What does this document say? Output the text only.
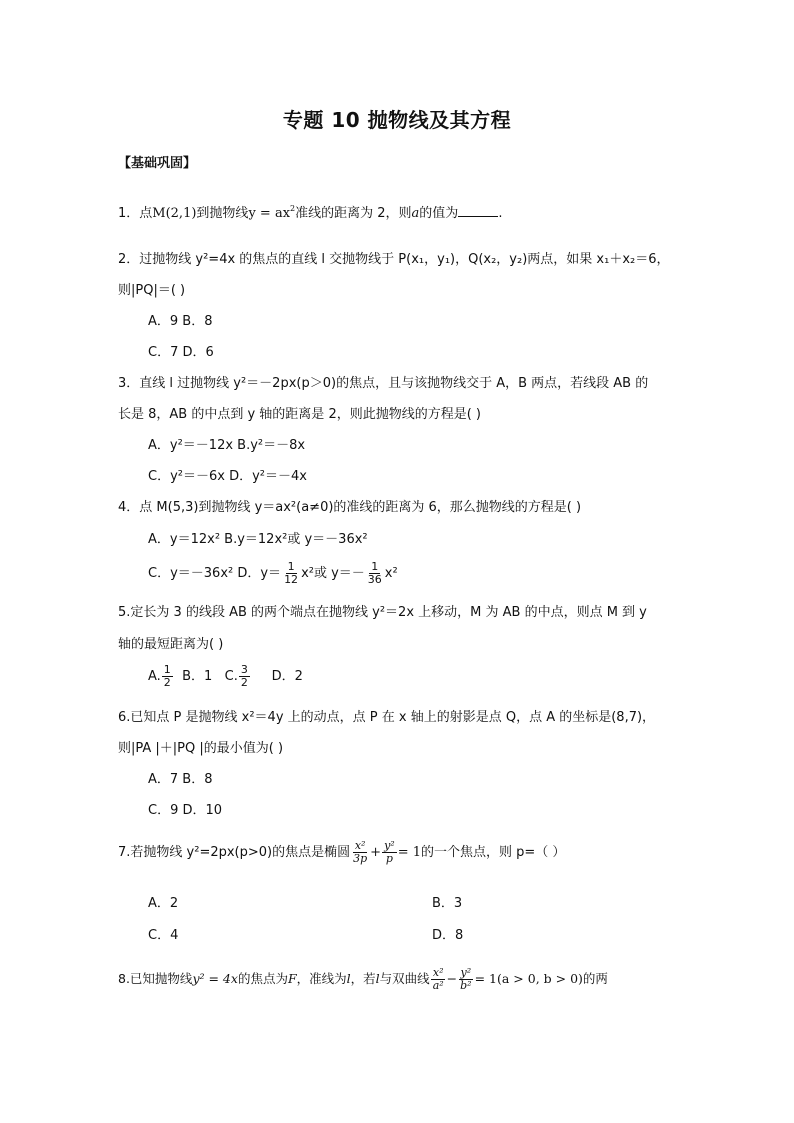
专题 10 抛物线及其方程
【基础巩固】
1．点M(2,1)到抛物线$y = ax^2$准线的距离为 2，则a的值为	.
2．过抛物线 y²=4x 的焦点的直线 l 交抛物线于 P(x₁，y₁)，Q(x₂，y₂)两点，如果 x₁＋x₂＝6，
则|PQ|＝( )
A．9 B．8
C．7 D．6
3．直线 l 过抛物线 y²＝－2px(p＞0)的焦点，且与该抛物线交于 A，B 两点，若线段 AB 的
长是 8，AB 的中点到 y 轴的距离是 2，则此抛物线的方程是( )
A．y²＝－12x B.y²＝－8x
C．y²＝－6x D．y²＝－4x
4．点 M(5,3)到抛物线 y＝ax²(a≠0)的准线的距离为 6，那么抛物线的方程是( )
A．y＝12x² B.y＝12x²或 y＝－36x²
C．y＝－36x² D．$y= \frac{1}{12} x^2$或 $y=- \frac{1}{36} x^2$
5.定长为 3 的线段 AB 的两个端点在抛物线 y²＝2x 上移动，M 为 AB 的中点，则点 M 到 y
轴的最短距离为( )
A. $\frac{1}{2}$ B．1 C. $\frac{3}{2}$ D．2
6.已知点 P 是抛物线 x²＝4y 上的动点，点 P 在 x 轴上的射影是点 Q，点 A 的坐标是(8,7)，
则|PA |＋|PQ |的最小值为( )
A．7 B．8
C．9 D．10
7.若抛物线 y²=2px(p>0)的焦点是椭圆 $\frac{\text{x²}}{3p} + \frac{\text{y²}}{p} = 1$的一个焦点，则 p=（ ）
A．2	B．3
C．4	D．8
8.已知抛物线y² = 4x的焦点为F，准线为l，若l与双曲线 $\frac{\text{x²}}{\text{a²}} - \frac{\text{y²}}{\text{b²}} = 1(a > 0$, b > 0)的两
